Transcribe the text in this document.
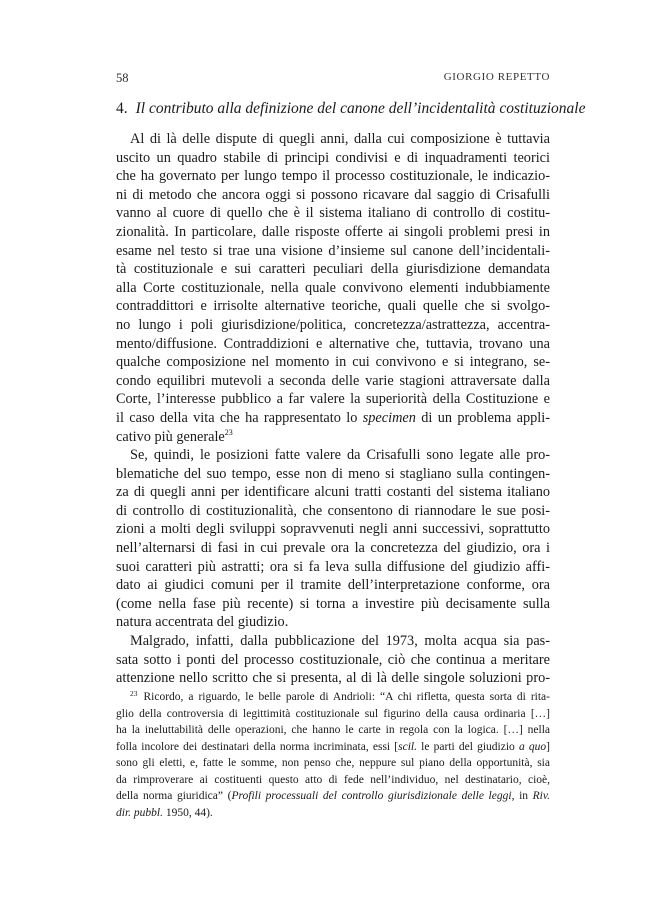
58	GIORGIO REPETTO
4. Il contributo alla definizione del canone dell’incidentalità costituzionale
Al di là delle dispute di quegli anni, dalla cui composizione è tuttavia
uscito un quadro stabile di principi condivisi e di inquadramenti teorici
che ha governato per lungo tempo il processo costituzionale, le indicazio-
ni di metodo che ancora oggi si possono ricavare dal saggio di Crisafulli
vanno al cuore di quello che è il sistema italiano di controllo di costitu-
zionalità. In particolare, dalle risposte offerte ai singoli problemi presi in
esame nel testo si trae una visione d’insieme sul canone dell’incidentali-
tà costituzionale e sui caratteri peculiari della giurisdizione demandata
alla Corte costituzionale, nella quale convivono elementi indubbiamente
contraddittori e irrisolte alternative teoriche, quali quelle che si svolgo-
no lungo i poli giurisdizione/politica, concretezza/astrattezza, accentra-
mento/diffusione. Contraddizioni e alternative che, tuttavia, trovano una
qualche composizione nel momento in cui convivono e si integrano, se-
condo equilibri mutevoli a seconda delle varie stagioni attraversate dalla
Corte, l’interesse pubblico a far valere la superiorità della Costituzione e
il caso della vita che ha rappresentato lo specimen di un problema appli-
cativo più generale$^{23}$
Se, quindi, le posizioni fatte valere da Crisafulli sono legate alle pro-
blematiche del suo tempo, esse non di meno si stagliano sulla contingen-
za di quegli anni per identificare alcuni tratti costanti del sistema italiano
di controllo di costituzionalità, che consentono di riannodare le sue posi-
zioni a molti degli sviluppi sopravvenuti negli anni successivi, soprattutto
nell’alternarsi di fasi in cui prevale ora la concretezza del giudizio, ora i
suoi caratteri più astratti; ora si fa leva sulla diffusione del giudizio affi-
dato ai giudici comuni per il tramite dell’interpretazione conforme, ora
(come nella fase più recente) si torna a investire più decisamente sulla
natura accentrata del giudizio.
Malgrado, infatti, dalla pubblicazione del 1973, molta acqua sia pas-
sata sotto i ponti del processo costituzionale, ciò che continua a meritare
attenzione nello scritto che si presenta, al di là delle singole soluzioni pro-
$^{23}$ Ricordo, a riguardo, le belle parole di Andrioli: “A chi rifletta, questa sorta di rita-
glio della controversia di legittimità costituzionale sul figurino della causa ordinaria […]
ha la ineluttabilità delle operazioni, che hanno le carte in regola con la logica. […] nella
folla incolore dei destinatari della norma incriminata, essi [scil. le parti del giudizio a quo]
sono gli eletti, e, fatte le somme, non penso che, neppure sul piano della opportunità, sia
da rimproverare ai costituenti questo atto di fede nell’individuo, nel destinatario, cioè,
della norma giuridica” (Profili processuali del controllo giurisdizionale delle leggi, in Riv.
dir. pubbl. 1950, 44).
